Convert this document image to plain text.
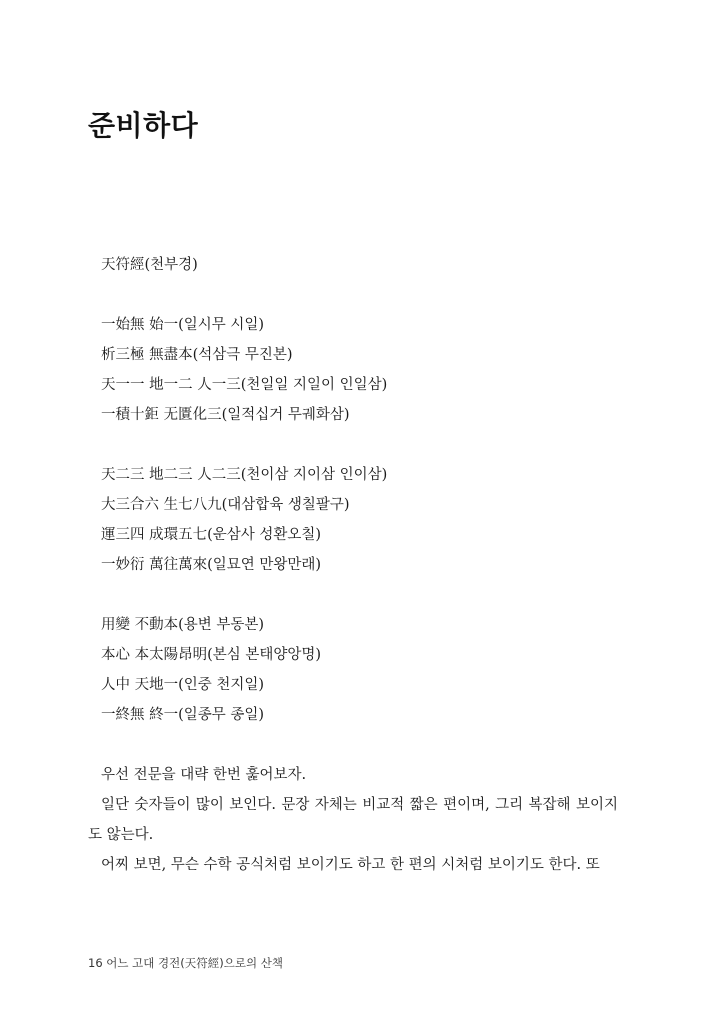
준비하다
天符經(천부경)
一始無 始一(일시무 시일)
析三極 無盡本(석삼극 무진본)
天一一 地一二 人一三(천일일 지일이 인일삼)
一積十鉅 无匱化三(일적십거 무궤화삼)
天二三 地二三 人二三(천이삼 지이삼 인이삼)
大三合六 生七八九(대삼합육 생칠팔구)
運三四 成環五七(운삼사 성환오칠)
一妙衍 萬往萬來(일묘연 만왕만래)
用變 不動本(용변 부동본)
本心 本太陽昂明(본심 본태양앙명)
人中 天地一(인중 천지일)
一終無 終一(일종무 종일)

우선 전문을 대략 한번 훑어보자.

일단 숫자들이 많이 보인다. 문장 자체는 비교적 짧은 편이며, 그리 복잡해 보이지 도 않는다.

어찌 보면, 무슨 수학 공식처럼 보이기도 하고 한 편의 시처럼 보이기도 한다. 또

16 어느 고대 경전(天符經)으로의 산책
